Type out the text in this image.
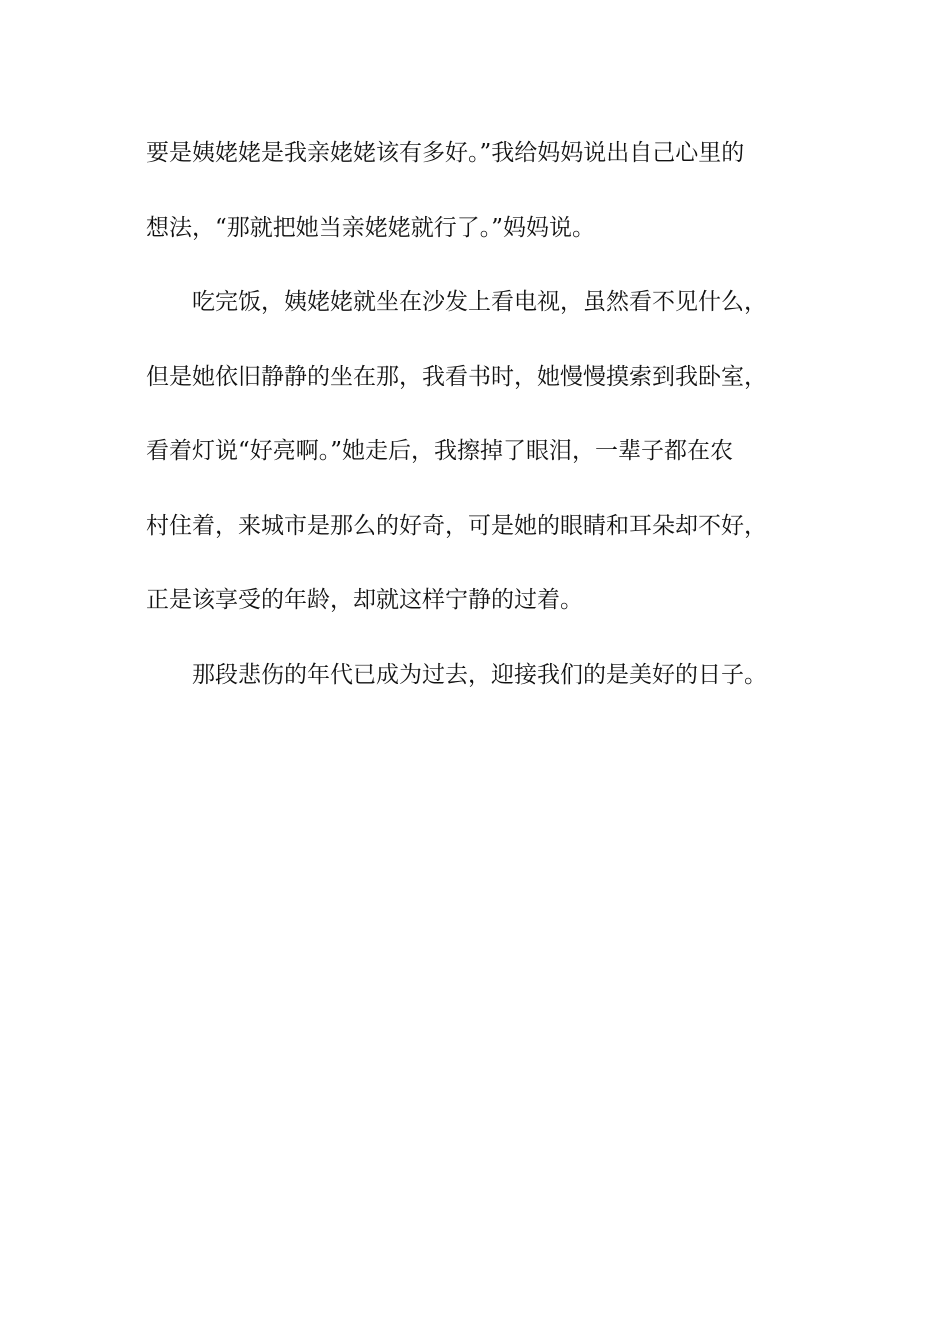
要是姨姥姥是我亲姥姥该有多好。”我给妈妈说出自己心里的
想法，“那就把她当亲姥姥就行了。”妈妈说。
吃完饭，姨姥姥就坐在沙发上看电视，虽然看不见什么，
但是她依旧静静的坐在那，我看书时，她慢慢摸索到我卧室，
看着灯说“好亮啊。”她走后，我擦掉了眼泪，一辈子都在农
村住着，来城市是那么的好奇，可是她的眼睛和耳朵却不好，
正是该享受的年龄，却就这样宁静的过着。
那段悲伤的年代已成为过去，迎接我们的是美好的日子。
